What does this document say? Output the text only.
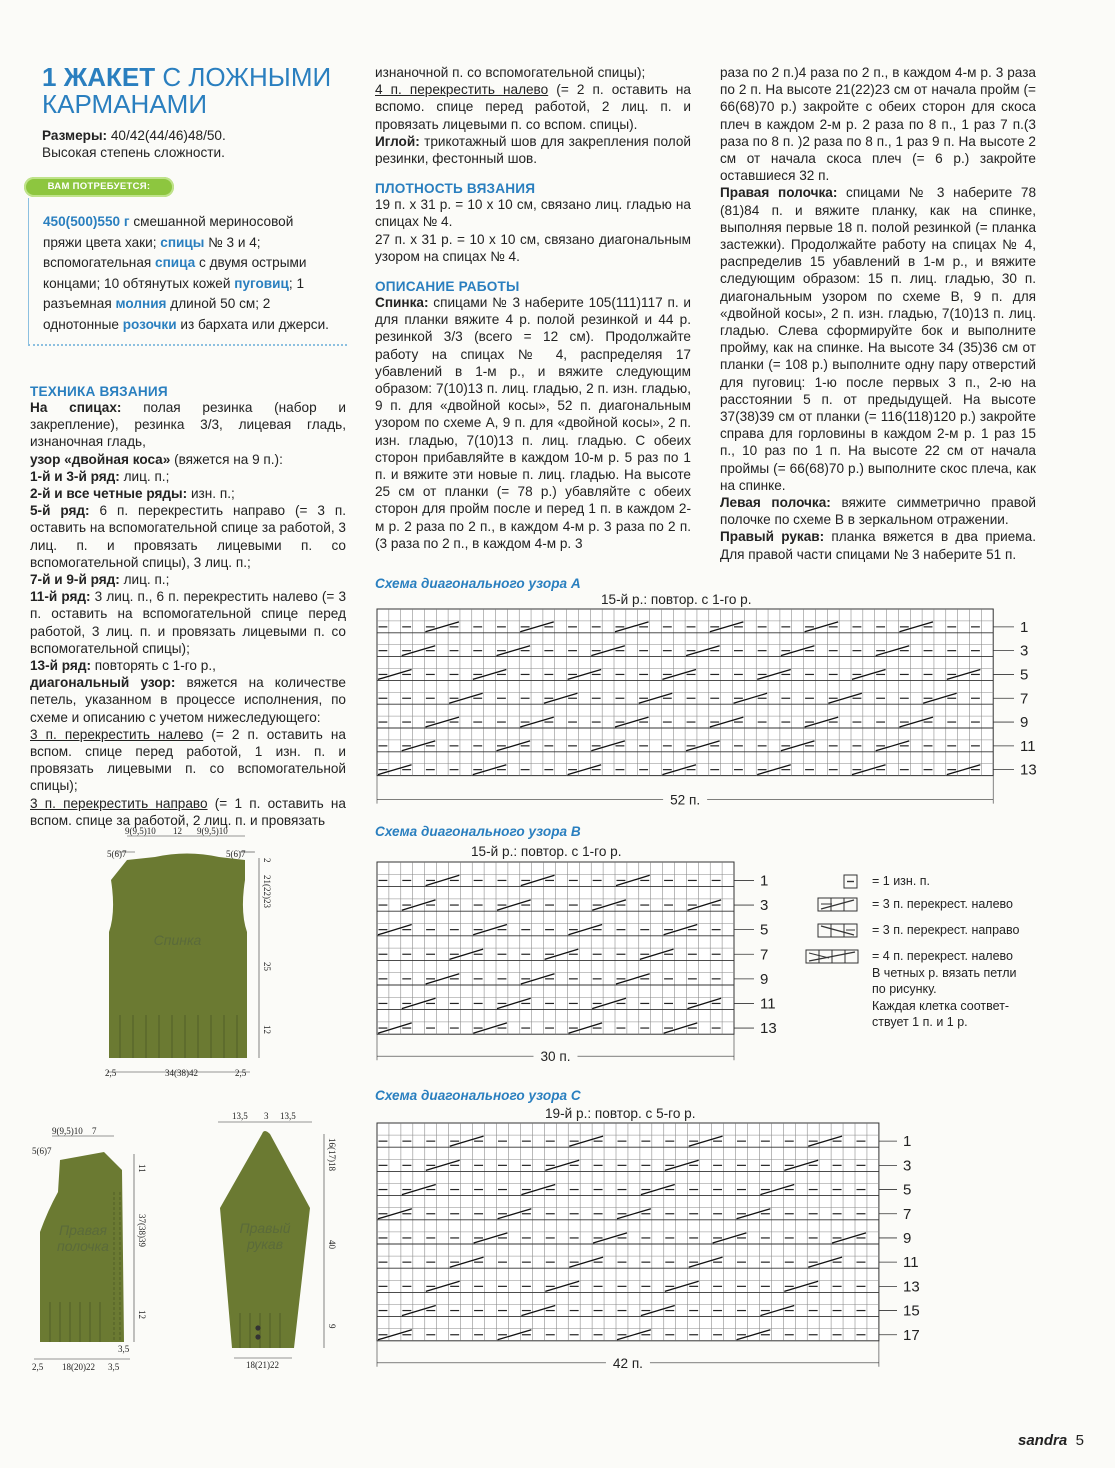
1 ЖАКЕТ С ЛОЖНЫМИ

КАРМАНАМИ

Размеры: 40/42(44/46)48/50.

Высокая степень сложности.

ВАМ ПОТРЕБУЕТСЯ:

450(500)550 г смешанной мериносовой пряжи цвета хаки; спицы № 3 и 4; вспомогательная спица с двумя острыми концами; 10 обтянутых кожей пуговиц; 1 разъемная молния длиной 50 см; 2 однотонные розочки из бархата или джерси.

ТЕХНИКА ВЯЗАНИЯ

На спицах: полая резинка (набор и закрепление), резинка 3/3, лицевая гладь, изнаночная гладь,
узор «двойная коса» (вяжется на 9 п.):
1-й и 3-й ряд: лиц. п.;
2-й и все четные ряды: изн. п.;
5-й ряд: 6 п. перекрестить направо (= 3 п. оставить на вспомогательной спице за работой, 3 лиц. п. и провязать лицевыми п. со вспомогательной спицы), 3 лиц. п.;
7-й и 9-й ряд: лиц. п.;
11-й ряд: 3 лиц. п., 6 п. перекрестить налево (= 3 п. оставить на вспомогательной спице перед работой, 3 лиц. п. и провязать лицевыми п. со вспомогательной спицы);
13-й ряд: повторять с 1-го р.,
диагональный узор: вяжется на количестве петель, указанном в процессе исполнения, по схеме и описанию с учетом нижеследующего:
3 п. перекрестить налево (= 2 п. оставить на вспом. спице перед работой, 1 изн. п. и провязать лицевыми п. со вспомогательной спицы);
3 п. перекрестить направо (= 1 п. оставить на вспом. спице за работой, 2 лиц. п. и провязать

изнаночной п. со вспомогательной спицы);
4 п. перекрестить налево (= 2 п. оставить на вспомо. спице перед работой, 2 лиц. п. и провязать лицевыми п. со вспом. спицы).
Иглой: трикотажный шов для закрепления полой резинки, фестонный шов.

ПЛОТНОСТЬ ВЯЗАНИЯ

19 п. х 31 р. = 10 х 10 см, связано лиц. гладью на спицах № 4.
27 п. х 31 р. = 10 х 10 см, связано диагональным узором на спицах № 4.

ОПИСАНИЕ РАБОТЫ

Спинка: спицами № 3 наберите 105(111)117 п. и для планки вяжите 4 р. полой резинкой и 44 р. резинкой 3/3 (всего = 12 см). Продолжайте работу на спицах № 4, распределяя 17 убавлений в 1-м р., и вяжите следующим образом: 7(10)13 п. лиц. гладью, 2 п. изн. гладью, 9 п. для «двойной косы», 52 п. диагональным узором по схеме А, 9 п. для «двойной косы», 2 п. изн. гладью, 7(10)13 п. лиц. гладью. С обеих сторон прибавляйте в каждом 10-м р. 5 раз по 1 п. и вяжите эти новые п. лиц. гладью. На высоте 25 см от планки (= 78 р.) убавляйте с обеих сторон для пройм после и перед 1 п. в каждом 2-м р. 2 раза по 2 п., в каждом 4-м р. 3 раза по 2 п.(3 раза по 2 п., в каждом 4-м р. 3

раза по 2 п.)4 раза по 2 п., в каждом 4-м р. 3 раза по 2 п. На высоте 21(22)23 см от начала пройм (= 66(68)70 р.) закройте с обеих сторон для скоса плеч в каждом 2-м р. 2 раза по 8 п., 1 раз 7 п.(3 раза по 8 п. )2 раза по 8 п., 1 раз 9 п. На высоте 2 см от начала скоса плеч (= 6 р.) закройте оставшиеся 32 п.
Правая полочка: спицами № 3 наберите 78 (81)84 п. и вяжите планку, как на спинке, выполняя первые 18 п. полой резинкой (= планка застежки). Продолжайте работу на спицах № 4, распределив 15 убавлений в 1-м р., и вяжите следующим образом: 15 п. лиц. гладью, 30 п. диагональным узором по схеме В, 9 п. для «двойной косы», 2 п. изн. гладью, 7(10)13 п. лиц. гладью. Слева сформируйте бок и выполните пройму, как на спинке. На высоте 34 (35)36 см от планки (= 108 р.) выполните одну пару отверстий для пуговиц: 1-ю после первых 3 п., 2-ю на расстоянии 5 п. от предыдущей. На высоте 37(38)39 см от планки (= 116(118)120 р.) закройте справа для горловины в каждом 2-м р. 1 раз 15 п., 10 раз по 1 п. На высоте 22 см от начала проймы (= 66(68)70 р.) выполните скос плеча, как на спинке.
Левая полочка: вяжите симметрично правой полочке по схеме В в зеркальном отражении.
Правый рукав: планка вяжется в два приема. Для правой части спицами № 3 наберите 51 п.

Схема диагонального узора А
15-й р.: повтор. с 1-го р.
13
11
9
7
5
3
1
52 п.
Схема диагонального узора В
15-й р.: повтор. с 1-го р.
13
11
9
7
5
3
1
30 п.
= 1 изн. п.
= 3 п. перекрест. налево
= 3 п. перекрест. направо
= 4 п. перекрест. налево
В четных р. вязать петли
по рисунку.
Каждая клетка соответ-
ствует 1 п. и 1 р.
Схема диагонального узора С
19-й р.: повтор. с 5-го р.
17
15
13
11
9
7
5
3
1
42 п.
9(9,5)10 12 9(9,5)10
5(6)7	5(6)7
2
21(22)23
25
12
2,5	34(38)42	2,5
Спинка
9(9,5)10 7
5(6)7
11
37(38)39
12
3,5
2,5 18(20)22 3,5
Правая
полочка
13,5 3 13,5
16(17)18
40
9
18(21)22
Правый
рукав
sandra 5
